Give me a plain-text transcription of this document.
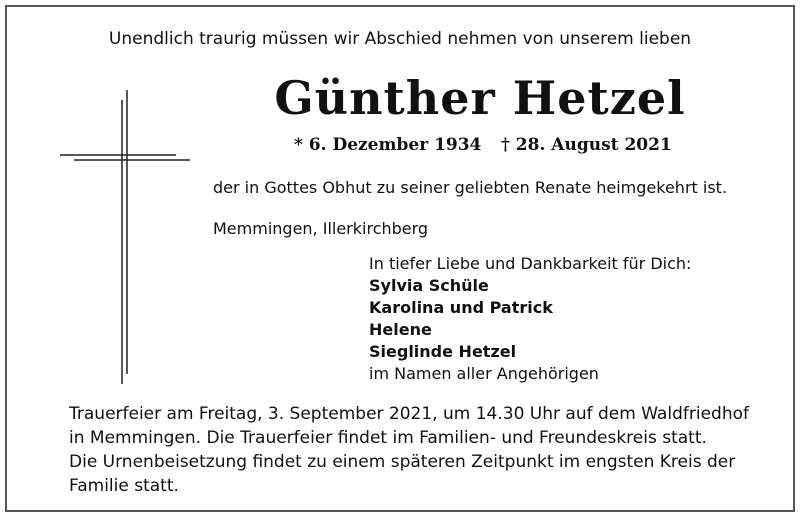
Unendlich traurig müssen wir Abschied nehmen von unserem lieben

Günther Hetzel

* 6. Dezember 1934 † 28. August 2021

der in Gottes Obhut zu seiner geliebten Renate heimgekehrt ist.

Memmingen, Illerkirchberg

In tiefer Liebe und Dankbarkeit für Dich:

Sylvia Schüle

Karolina und Patrick

Helene

Sieglinde Hetzel

im Namen aller Angehörigen

Trauerfeier am Freitag, 3. September 2021, um 14.30 Uhr auf dem Waldfriedhof
in Memmingen. Die Trauerfeier findet im Familien- und Freundeskreis statt.
Die Urnenbeisetzung findet zu einem späteren Zeitpunkt im engsten Kreis der
Familie statt.
